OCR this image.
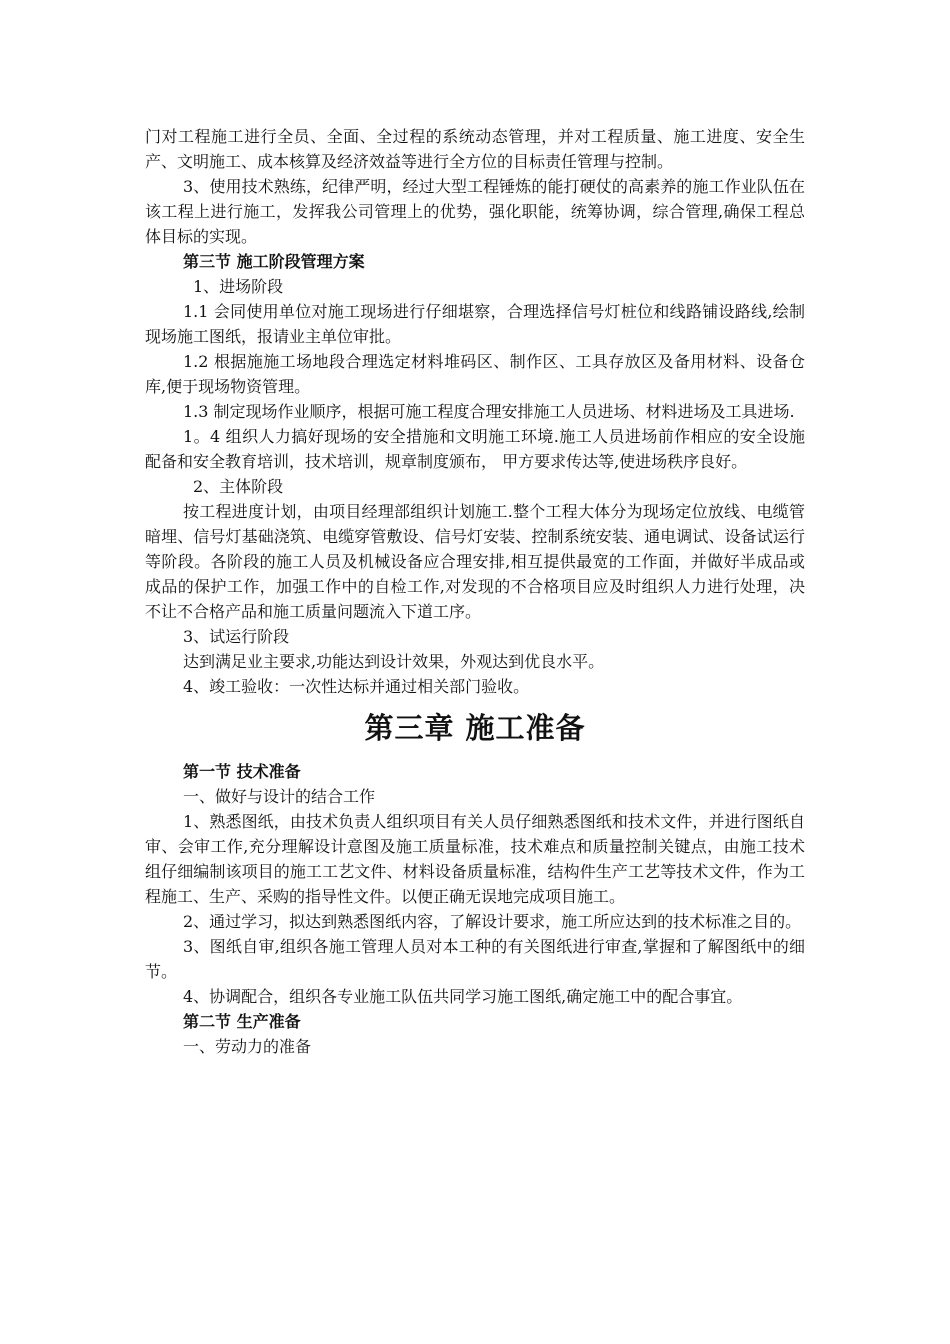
门对工程施工进行全员、全面、全过程的系统动态管理，并对工程质量、施工进度、安全生产、文明施工、成本核算及经济效益等进行全方位的目标责任管理与控制。

3、使用技术熟练，纪律严明，经过大型工程锤炼的能打硬仗的高素养的施工作业队伍在该工程上进行施工，发挥我公司管理上的优势，强化职能，统筹协调，综合管理,确保工程总体目标的实现。

第三节 施工阶段管理方案

1、进场阶段

1.1 会同使用单位对施工现场进行仔细堪察，合理选择信号灯桩位和线路铺设路线,绘制现场施工图纸，报请业主单位审批。

1.2 根据施施工场地段合理选定材料堆码区、制作区、工具存放区及备用材料、设备仓库,便于现场物资管理。

1.3 制定现场作业顺序，根据可施工程度合理安排施工人员进场、材料进场及工具进场.

1。4 组织人力搞好现场的安全措施和文明施工环境.施工人员进场前作相应的安全设施配备和安全教育培训，技术培训，规章制度颁布， 甲方要求传达等,使进场秩序良好。

2、主体阶段

按工程进度计划，由项目经理部组织计划施工.整个工程大体分为现场定位放线、电缆管暗埋、信号灯基础浇筑、电缆穿管敷设、信号灯安装、控制系统安装、通电调试、设备试运行等阶段。各阶段的施工人员及机械设备应合理安排,相互提供最宽的工作面，并做好半成品或成品的保护工作，加强工作中的自检工作,对发现的不合格项目应及时组织人力进行处理，决不让不合格产品和施工质量问题流入下道工序。

3、试运行阶段

达到满足业主要求,功能达到设计效果，外观达到优良水平。

4、竣工验收：一次性达标并通过相关部门验收。

第三章 施工准备

第一节 技术准备

一、做好与设计的结合工作

1、熟悉图纸，由技术负责人组织项目有关人员仔细熟悉图纸和技术文件，并进行图纸自审、会审工作,充分理解设计意图及施工质量标准，技术难点和质量控制关键点，由施工技术组仔细编制该项目的施工工艺文件、材料设备质量标准，结构件生产工艺等技术文件，作为工程施工、生产、采购的指导性文件。以便正确无误地完成项目施工。

2、通过学习，拟达到熟悉图纸内容，了解设计要求，施工所应达到的技术标准之目的。

3、图纸自审,组织各施工管理人员对本工种的有关图纸进行审查,掌握和了解图纸中的细节。

4、协调配合，组织各专业施工队伍共同学习施工图纸,确定施工中的配合事宜。

第二节 生产准备

一、劳动力的准备
